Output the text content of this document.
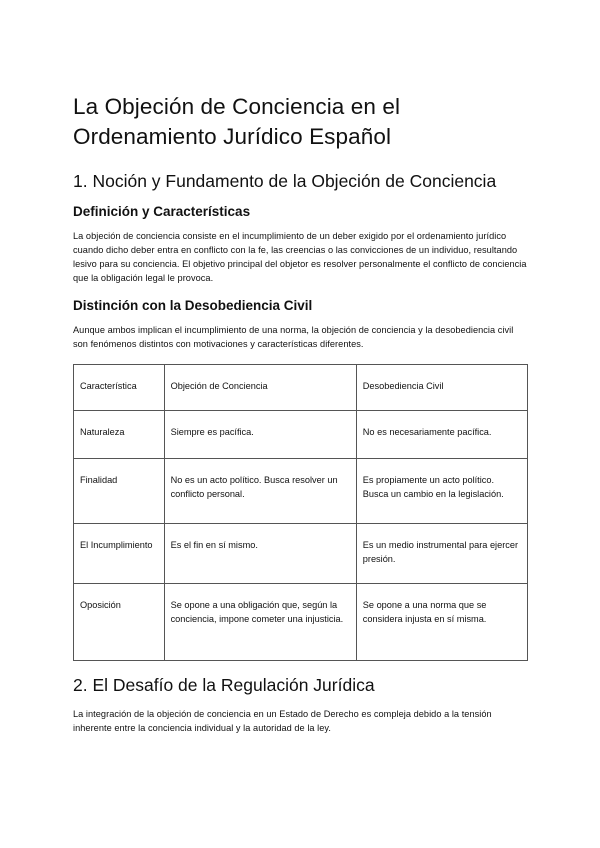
La Objeción de Conciencia en el
Ordenamiento Jurídico Español
1. Noción y Fundamento de la Objeción de Conciencia
Definición y Características

La objeción de conciencia consiste en el incumplimiento de un deber exigido por el ordenamiento jurídico cuando dicho deber entra en conflicto con la fe, las creencias o las convicciones de un individuo, resultando lesivo para su conciencia. El objetivo principal del objetor es resolver personalmente el conflicto de conciencia que la obligación legal le provoca.

Distinción con la Desobediencia Civil

Aunque ambos implican el incumplimiento de una norma, la objeción de conciencia y la desobediencia civil son fenómenos distintos con motivaciones y características diferentes.

Característica	Objeción de Conciencia	Desobediencia Civil
Naturaleza	Siempre es pacífica.	No es necesariamente pacífica.
Finalidad	No es un acto político. Busca resolver un conflicto personal.	Es propiamente un acto político. Busca un cambio en la legislación.
El Incumplimiento	Es el fin en sí mismo.	Es un medio instrumental para ejercer presión.
Oposición	Se opone a una obligación que, según la conciencia, impone cometer una injusticia.	Se opone a una norma que se considera injusta en sí misma.
2. El Desafío de la Regulación Jurídica

La integración de la objeción de conciencia en un Estado de Derecho es compleja debido a la tensión inherente entre la conciencia individual y la autoridad de la ley.
